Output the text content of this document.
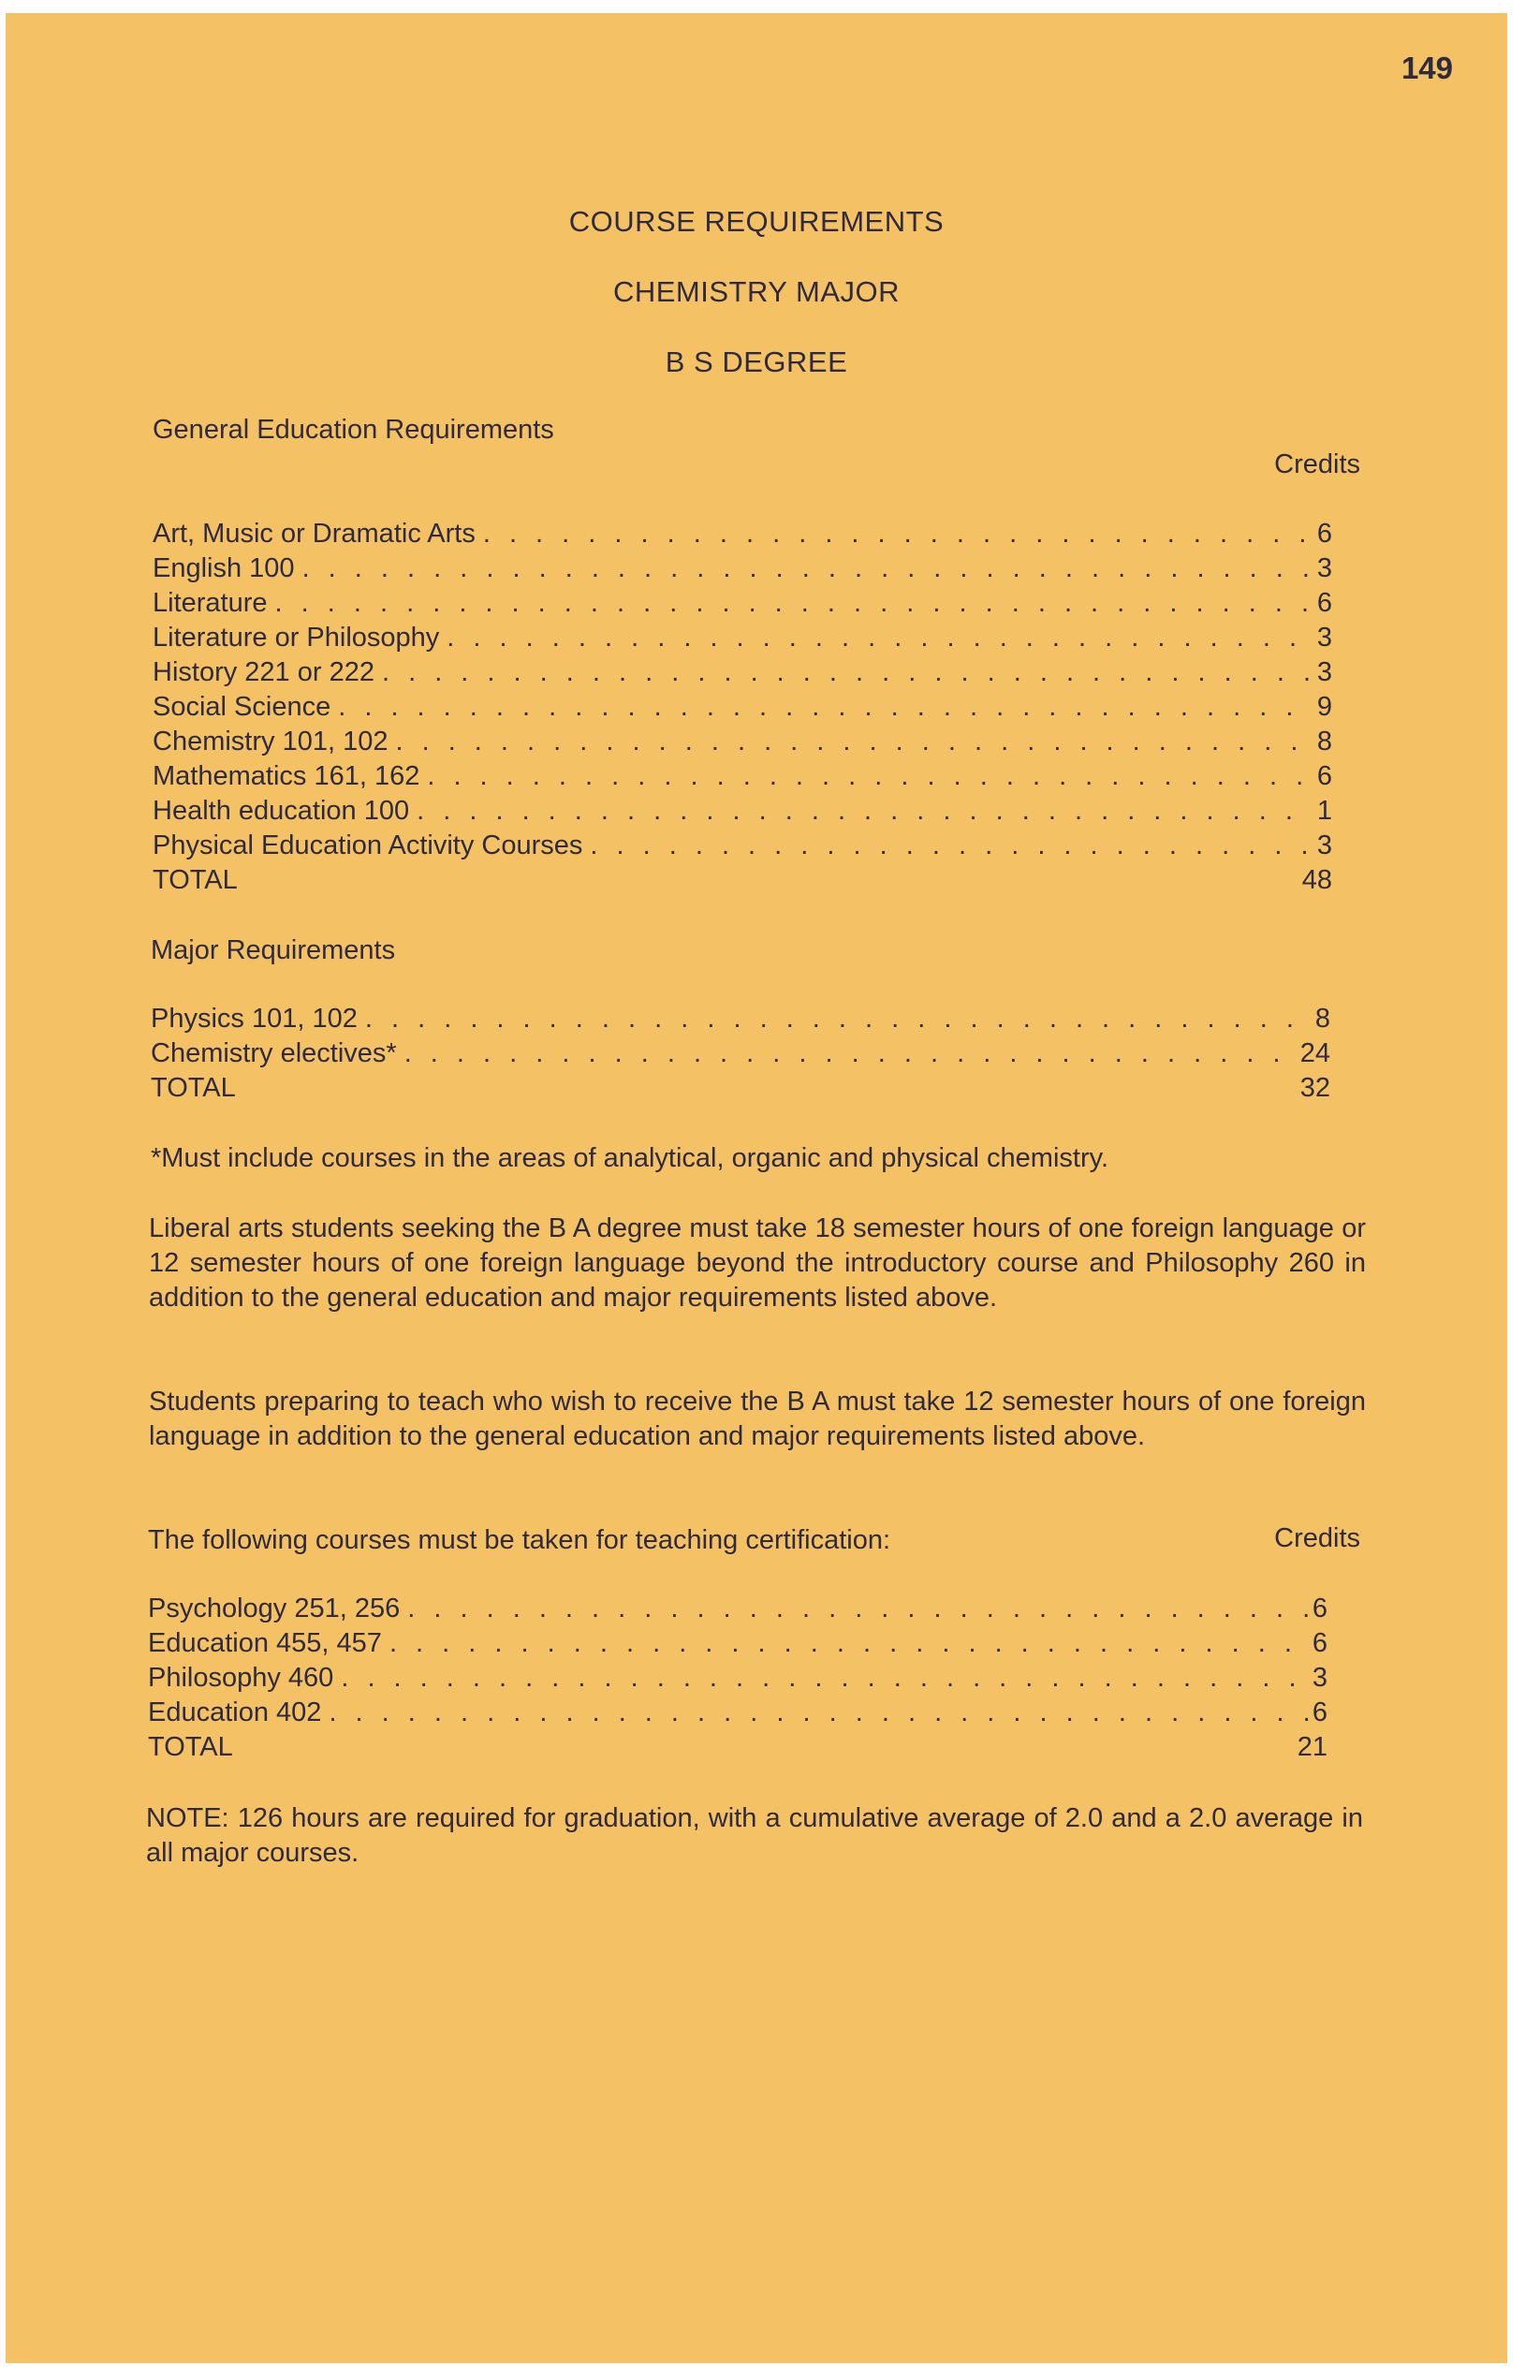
149
COURSE REQUIREMENTS
CHEMISTRY MAJOR
B S DEGREE
General Education Requirements
Credits
Art, Music or Dramatic Arts . . .	6
English 100 . . .	3
Literature . . .	6
Literature or Philosophy . . .	3
History 221 or 222 . . .	3
Social Science . . .	9
Chemistry 101, 102 . . .	8
Mathematics 161, 162 . . .	6
Health education 100 . . .	1
Physical Education Activity Courses . . .	3
TOTAL	48
Major Requirements
Physics 101, 102 . . .	8
Chemistry electives* . . .	24
TOTAL	32
*Must include courses in the areas of analytical, organic and physical chemistry.
Liberal arts students seeking the B A degree must take 18 semester hours of one foreign language or 12 semester hours of one foreign language beyond the introductory course and Philosophy 260 in addition to the general education and major requirements listed above.
Students preparing to teach who wish to receive the B A must take 12 semester hours of one foreign language in addition to the general education and major requirements listed above.
The following courses must be taken for teaching certification:	Credits
Psychology 251, 256 . . .	6
Education 455, 457 . . .	6
Philosophy 460 . . .	3
Education 402 . . .	6
TOTAL	21
NOTE: 126 hours are required for graduation, with a cumulative average of 2.0 and a 2.0 average in all major courses.
